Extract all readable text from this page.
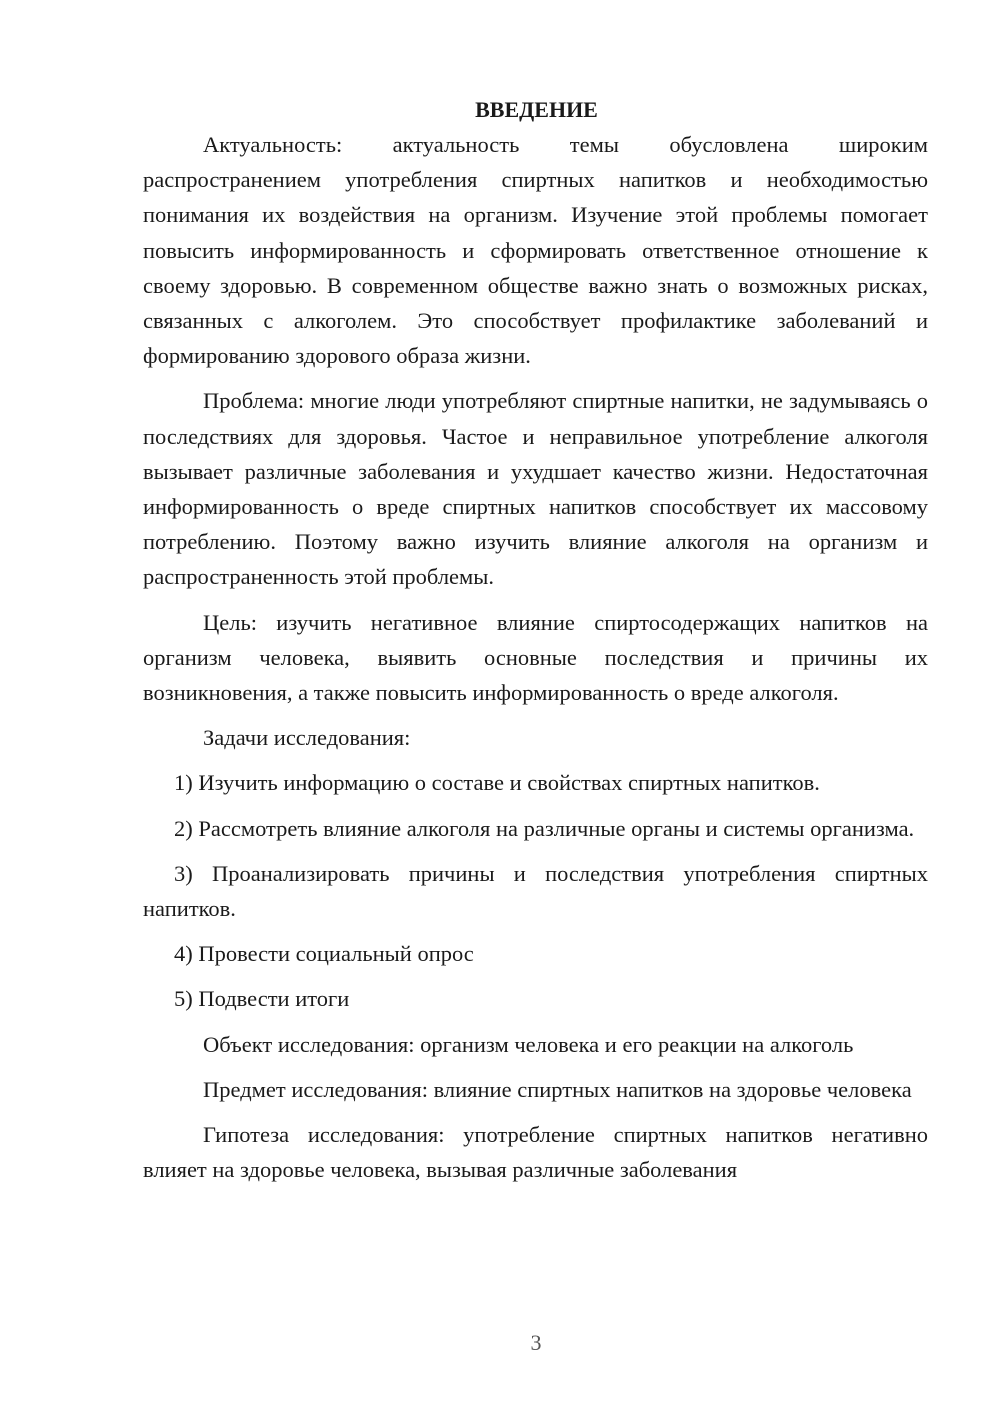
ВВЕДЕНИЕ

Актуальность: актуальность темы обусловлена широким распространением употребления спиртных напитков и необходимостью понимания их воздействия на организм. Изучение этой проблемы помогает повысить информированность и сформировать ответственное отношение к своему здоровью. В современном обществе важно знать о возможных рисках, связанных с алкоголем. Это способствует профилактике заболеваний и формированию здорового образа жизни.

Проблема: многие люди употребляют спиртные напитки, не задумываясь о последствиях для здоровья. Частое и неправильное употребление алкоголя вызывает различные заболевания и ухудшает качество жизни. Недостаточная информированность о вреде спиртных напитков способствует их массовому потреблению. Поэтому важно изучить влияние алкоголя на организм и распространенность этой проблемы.

Цель: изучить негативное влияние спиртосодержащих напитков на организм человека, выявить основные последствия и причины их возникновения, а также повысить информированность о вреде алкоголя.

Задачи исследования:

1) Изучить информацию о составе и свойствах спиртных напитков.

2) Рассмотреть влияние алкоголя на различные органы и системы организма.

3) Проанализировать причины и последствия употребления спиртных напитков.

4) Провести социальный опрос

5) Подвести итоги

Объект исследования: организм человека и его реакции на алкоголь

Предмет исследования: влияние спиртных напитков на здоровье человека

Гипотеза исследования: употребление спиртных напитков негативно влияет на здоровье человека, вызывая различные заболевания

3
